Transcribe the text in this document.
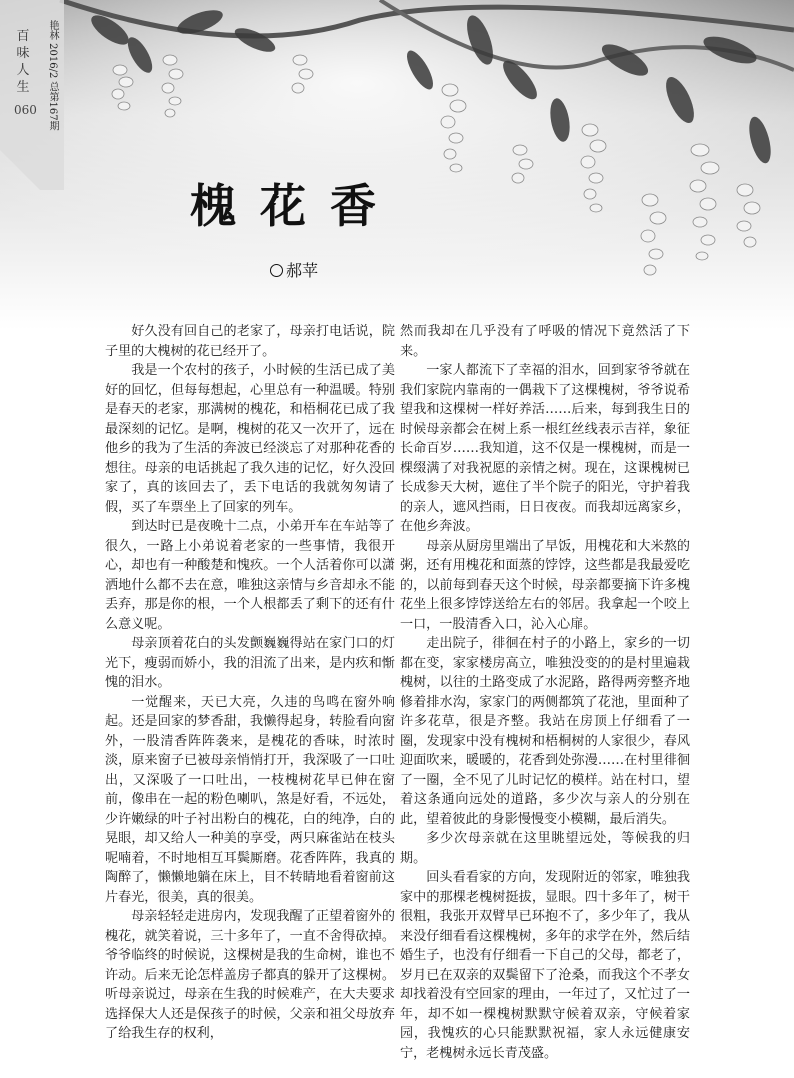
百味人生
060	艳林 2016/2 总第167期
槐花香
郝苹

好久没有回自己的老家了，母亲打电话说，院子里的大槐树的花已经开了。

我是一个农村的孩子，小时候的生活已成了美好的回忆，但每每想起，心里总有一种温暖。特别是春天的老家，那满树的槐花，和梧桐花已成了我最深刻的记忆。是啊，槐树的花又一次开了，远在他乡的我为了生活的奔波已经淡忘了对那种花香的想往。母亲的电话挑起了我久违的记忆，好久没回家了，真的该回去了，丢下电话的我就匆匆请了假，买了车票坐上了回家的列车。

到达时已是夜晚十二点，小弟开车在车站等了很久，一路上小弟说着老家的一些事情，我很开心，却也有一种酸楚和愧疚。一个人活着你可以潇洒地什么都不去在意，唯独这亲情与乡音却永不能丢弃，那是你的根，一个人根都丢了剩下的还有什么意义呢。

母亲顶着花白的头发颤巍巍得站在家门口的灯光下，瘦弱而娇小，我的泪流了出来，是内疚和惭愧的泪水。

一觉醒来，天已大亮，久违的鸟鸣在窗外响起。还是回家的梦香甜，我懒得起身，转脸看向窗外，一股清香阵阵袭来，是槐花的香味，时浓时淡，原来窗子已被母亲悄悄打开，我深吸了一口吐出，又深吸了一口吐出，一枝槐树花早已伸在窗前，像串在一起的粉色喇叭，煞是好看，不远处，少许嫩绿的叶子衬出粉白的槐花，白的纯净，白的晃眼，却又给人一种美的享受，两只麻雀站在枝头呢喃着，不时地相互耳鬓厮磨。花香阵阵，我真的陶醉了，懒懒地躺在床上，目不转睛地看着窗前这片春光，很美，真的很美。

母亲轻轻走进房内，发现我醒了正望着窗外的槐花，就笑着说，三十多年了，一直不舍得砍掉。爷爷临终的时候说，这棵树是我的生命树，谁也不许动。后来无论怎样盖房子都真的躲开了这棵树。听母亲说过，母亲在生我的时候难产，在大夫要求选择保大人还是保孩子的时候，父亲和祖父母放弃了给我生存的权利，

然而我却在几乎没有了呼吸的情况下竟然活了下来。

一家人都流下了幸福的泪水，回到家爷爷就在我们家院内靠南的一偶栽下了这棵槐树，爷爷说希望我和这棵树一样好养活……后来，每到我生日的时候母亲都会在树上系一根红丝线表示吉祥，象征长命百岁……我知道，这不仅是一棵槐树，而是一棵缀满了对我祝愿的亲情之树。现在，这课槐树已长成参天大树，遮住了半个院子的阳光，守护着我的亲人，遮风挡雨，日日夜夜。而我却远离家乡，在他乡奔波。

母亲从厨房里端出了早饭，用槐花和大米熬的粥，还有用槐花和面蒸的饽饽，这些都是我最爱吃的，以前每到春天这个时候，母亲都要摘下许多槐花坐上很多饽饽送给左右的邻居。我拿起一个咬上一口，一股清香入口，沁入心扉。

走出院子，徘徊在村子的小路上，家乡的一切都在变，家家楼房高立，唯独没变的的是村里遍栽槐树，以往的土路变成了水泥路，路得两旁整齐地修着排水沟，家家门的两侧都筑了花池，里面种了许多花草，很是齐整。我站在房顶上仔细看了一圈，发现家中没有槐树和梧桐树的人家很少，春风迎面吹来，暖暖的，花香到处弥漫……在村里徘徊了一圈，全不见了儿时记忆的模样。站在村口，望着这条通向远处的道路，多少次与亲人的分别在此，望着彼此的身影慢慢变小模糊，最后消失。

多少次母亲就在这里眺望远处，等候我的归期。

回头看看家的方向，发现附近的邻家，唯独我家中的那棵老槐树挺拔，显眼。四十多年了，树干很粗，我张开双臂早已环抱不了，多少年了，我从来没仔细看看这棵槐树，多年的求学在外，然后结婚生子，也没有仔细看一下自己的父母，都老了，岁月已在双亲的双鬓留下了沧桑，而我这个不孝女却找着没有空回家的理由，一年过了，又忙过了一年，却不如一棵槐树默默守候着双亲，守候着家园，我愧疚的心只能默默祝福，家人永远健康安宁，老槐树永远长青茂盛。
